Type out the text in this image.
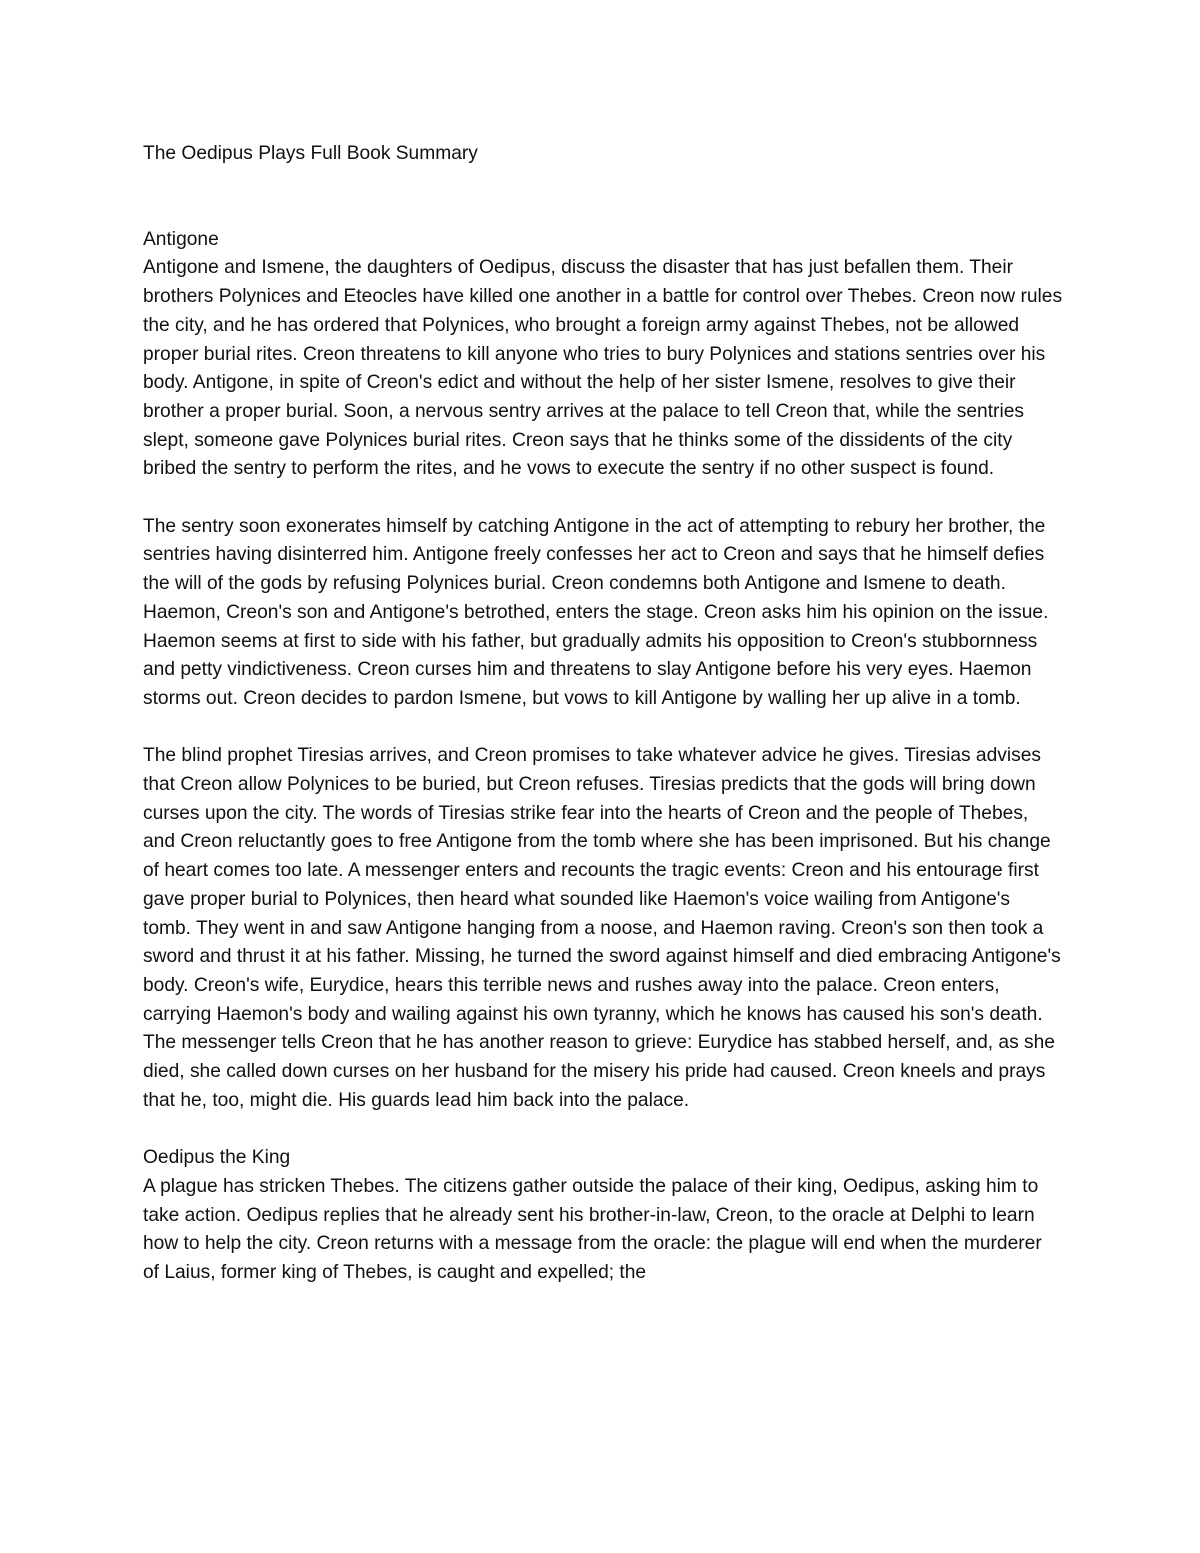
The Oedipus Plays Full Book Summary
Antigone

Antigone and Ismene, the daughters of Oedipus, discuss the disaster that has just befallen them. Their brothers Polynices and Eteocles have killed one another in a battle for control over Thebes. Creon now rules the city, and he has ordered that Polynices, who brought a foreign army against Thebes, not be allowed proper burial rites. Creon threatens to kill anyone who tries to bury Polynices and stations sentries over his body. Antigone, in spite of Creon's edict and without the help of her sister Ismene, resolves to give their brother a proper burial. Soon, a nervous sentry arrives at the palace to tell Creon that, while the sentries slept, someone gave Polynices burial rites. Creon says that he thinks some of the dissidents of the city bribed the sentry to perform the rites, and he vows to execute the sentry if no other suspect is found.

The sentry soon exonerates himself by catching Antigone in the act of attempting to rebury her brother, the sentries having disinterred him. Antigone freely confesses her act to Creon and says that he himself defies the will of the gods by refusing Polynices burial. Creon condemns both Antigone and Ismene to death. Haemon, Creon's son and Antigone's betrothed, enters the stage. Creon asks him his opinion on the issue. Haemon seems at first to side with his father, but gradually admits his opposition to Creon's stubbornness and petty vindictiveness. Creon curses him and threatens to slay Antigone before his very eyes. Haemon storms out. Creon decides to pardon Ismene, but vows to kill Antigone by walling her up alive in a tomb.

The blind prophet Tiresias arrives, and Creon promises to take whatever advice he gives. Tiresias advises that Creon allow Polynices to be buried, but Creon refuses. Tiresias predicts that the gods will bring down curses upon the city. The words of Tiresias strike fear into the hearts of Creon and the people of Thebes, and Creon reluctantly goes to free Antigone from the tomb where she has been imprisoned. But his change of heart comes too late. A messenger enters and recounts the tragic events: Creon and his entourage first gave proper burial to Polynices, then heard what sounded like Haemon's voice wailing from Antigone's tomb. They went in and saw Antigone hanging from a noose, and Haemon raving. Creon's son then took a sword and thrust it at his father. Missing, he turned the sword against himself and died embracing Antigone's body. Creon's wife, Eurydice, hears this terrible news and rushes away into the palace. Creon enters, carrying Haemon's body and wailing against his own tyranny, which he knows has caused his son's death. The messenger tells Creon that he has another reason to grieve: Eurydice has stabbed herself, and, as she died, she called down curses on her husband for the misery his pride had caused. Creon kneels and prays that he, too, might die. His guards lead him back into the palace.

Oedipus the King

A plague has stricken Thebes. The citizens gather outside the palace of their king, Oedipus, asking him to take action. Oedipus replies that he already sent his brother-in-law, Creon, to the oracle at Delphi to learn how to help the city. Creon returns with a message from the oracle: the plague will end when the murderer of Laius, former king of Thebes, is caught and expelled; the
